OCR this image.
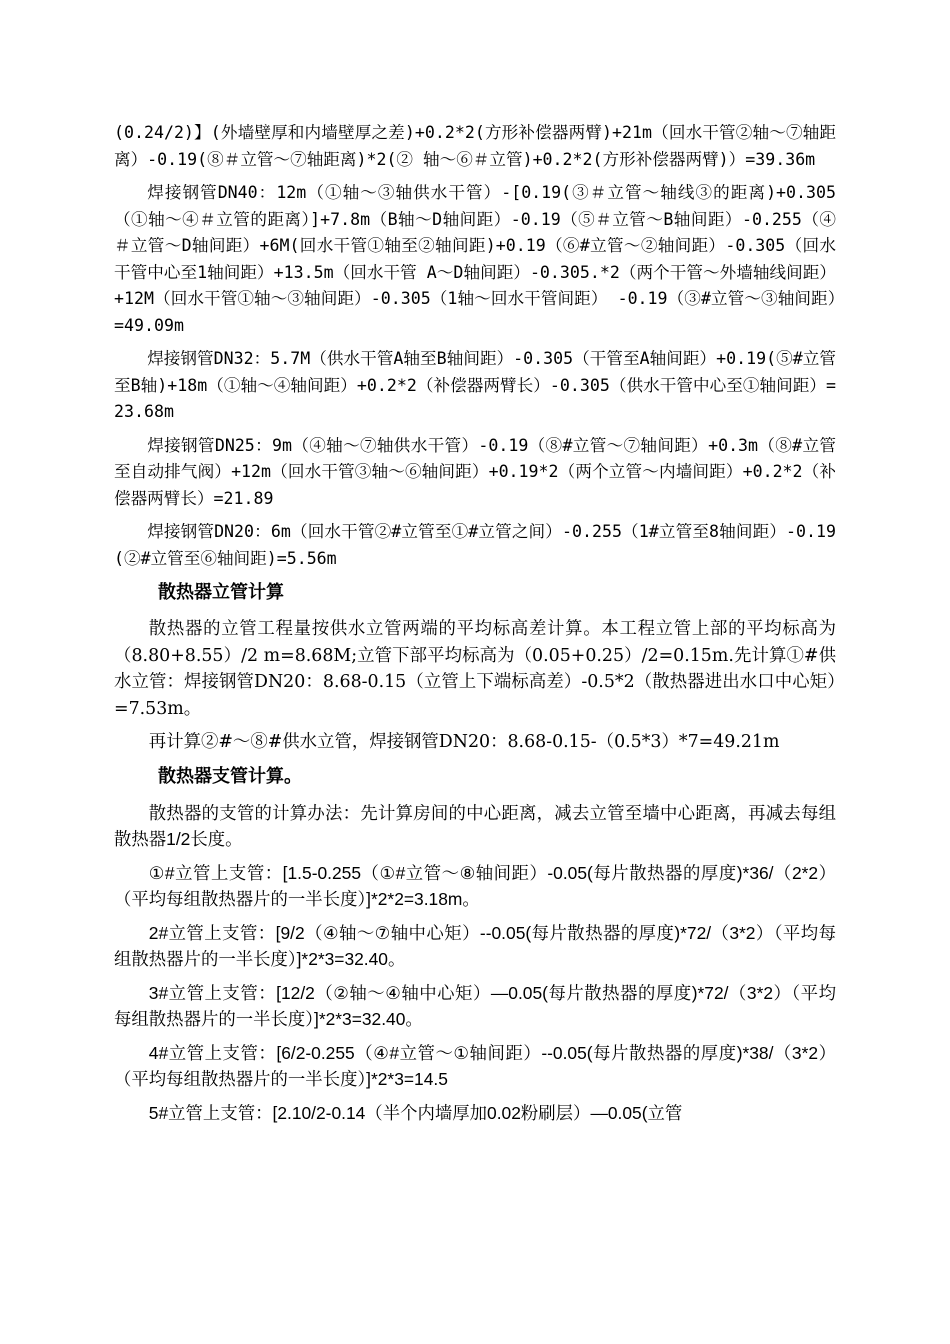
(0.24/2)】(外墙壁厚和内墙壁厚之差)+0.2*2(方形补偿器两臂)+21m（回水干管②轴～⑦轴距离）-0.19(⑧＃立管～⑦轴距离)*2(② 轴～⑥＃立管)+0.2*2(方形补偿器两臂)）=39.36m

焊接钢管DN40：12m（①轴～③轴供水干管）-[0.19(③＃立管～轴线③的距离)+0.305（①轴～④＃立管的距离）]+7.8m（B轴～D轴间距）-0.19（⑤＃立管～B轴间距）-0.255（④＃立管～D轴间距）+6M(回水干管①轴至②轴间距)+0.19（⑥#立管～②轴间距）-0.305（回水干管中心至1轴间距）+13.5m（回水干管 A～D轴间距）-0.305.*2（两个干管～外墙轴线间距）+12M（回水干管①轴～③轴间距）-0.305（1轴～回水干管间距） -0.19（③#立管～③轴间距）=49.09m

焊接钢管DN32：5.7M（供水干管A轴至B轴间距）-0.305（干管至A轴间距）+0.19(⑤#立管至B轴)+18m（①轴～④轴间距）+0.2*2（补偿器两臂长）-0.305（供水干管中心至①轴间距）=23.68m

焊接钢管DN25：9m（④轴～⑦轴供水干管）-0.19（⑧#立管～⑦轴间距）+0.3m（⑧#立管至自动排气阀）+12m（回水干管③轴～⑥轴间距）+0.19*2（两个立管～内墙间距）+0.2*2（补偿器两臂长）=21.89

焊接钢管DN20：6m（回水干管②#立管至①#立管之间）-0.255（1#立管至8轴间距）-0.19(②#立管至⑥轴间距)=5.56m

散热器立管计算

散热器的立管工程量按供水立管两端的平均标高差计算。本工程立管上部的平均标高为（8.80+8.55）/2 m=8.68M;立管下部平均标高为（0.05+0.25）/2=0.15m.先计算①#供水立管：焊接钢管DN20：8.68-0.15（立管上下端标高差）-0.5*2（散热器进出水口中心矩）=7.53m。

再计算②#～⑧#供水立管，焊接钢管DN20：8.68-0.15-（0.5*3）*7=49.21m

散热器支管计算。

散热器的支管的计算办法：先计算房间的中心距离，减去立管至墙中心距离，再减去每组散热器1/2长度。

①#立管上支管：[1.5-0.255（①#立管～⑧轴间距）-0.05(每片散热器的厚度)*36/（2*2）（平均每组散热器片的一半长度）]*2*2=3.18m。

2#立管上支管：[9/2（④轴～⑦轴中心矩）--0.05(每片散热器的厚度)*72/（3*2）（平均每组散热器片的一半长度）]*2*3=32.40。

3#立管上支管：[12/2（②轴～④轴中心矩）—0.05(每片散热器的厚度)*72/（3*2）（平均每组散热器片的一半长度）]*2*3=32.40。

4#立管上支管：[6/2-0.255（④#立管～①轴间距）--0.05(每片散热器的厚度)*38/（3*2）（平均每组散热器片的一半长度）]*2*3=14.5

5#立管上支管：[2.10/2-0.14（半个内墙厚加0.02粉刷层）—0.05(立管
